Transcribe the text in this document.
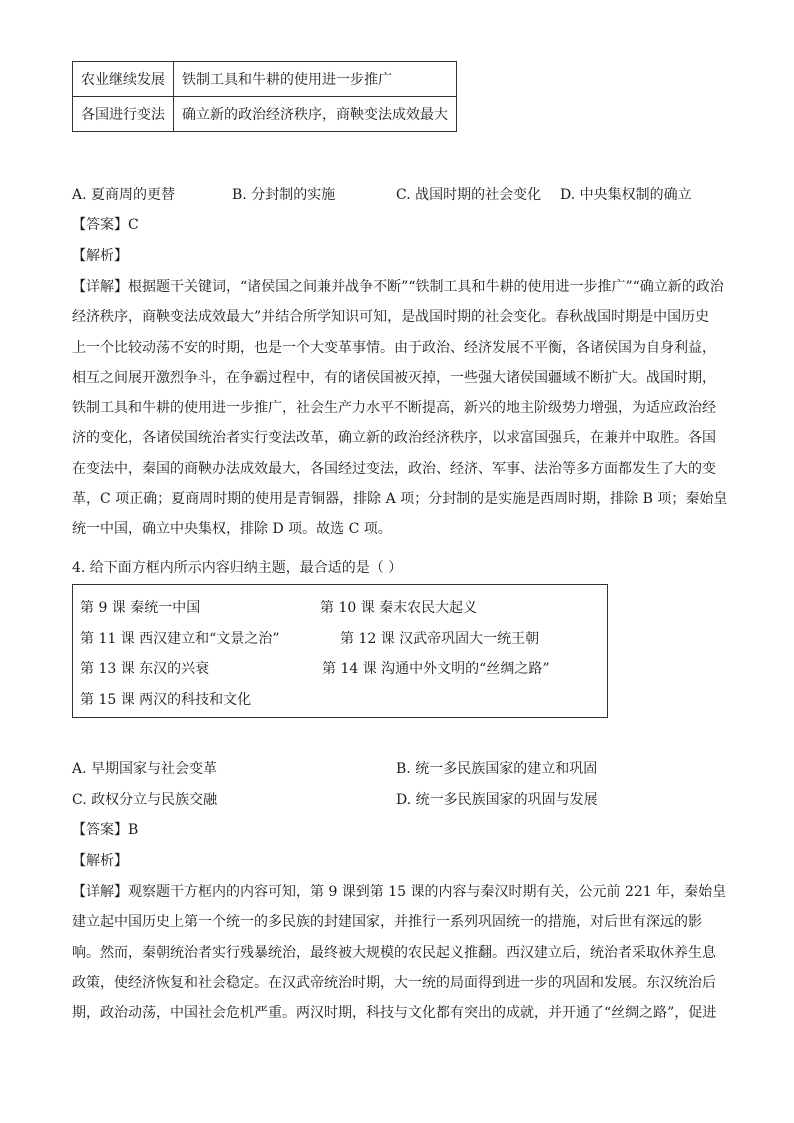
农业继续发展	铁制工具和牛耕的使用进一步推广
各国进行变法	确立新的政治经济秩序，商鞅变法成效最大
A. 夏商周的更替	B. 分封制的实施	C. 战国时期的社会变化 D. 中央集权制的确立
【答案】C
【解析】
【详解】根据题干关键词，“诸侯国之间兼并战争不断”“铁制工具和牛耕的使用进一步推广”“确立新的政治
经济秩序，商鞅变法成效最大”并结合所学知识可知，是战国时期的社会变化。春秋战国时期是中国历史
上一个比较动荡不安的时期，也是一个大变革事情。由于政治、经济发展不平衡，各诸侯国为自身利益，
相互之间展开激烈争斗，在争霸过程中，有的诸侯国被灭掉，一些强大诸侯国疆域不断扩大。战国时期，
铁制工具和牛耕的使用进一步推广，社会生产力水平不断提高，新兴的地主阶级势力增强，为适应政治经
济的变化，各诸侯国统治者实行变法改革，确立新的政治经济秩序，以求富国强兵，在兼并中取胜。各国
在变法中，秦国的商鞅办法成效最大，各国经过变法，政治、经济、军事、法治等多方面都发生了大的变
革，C 项正确；夏商周时期的使用是青铜器，排除 A 项；分封制的是实施是西周时期，排除 B 项；秦始皇
统一中国，确立中央集权，排除 D 项。故选 C 项。
4. 给下面方框内所示内容归纳主题，最合适的是（ ）
第 9 课 秦统一中国	第 10 课 秦末农民大起义
第 11 课 西汉建立和“文景之治”	第 12 课 汉武帝巩固大一统王朝
第 13 课 东汉的兴衰	第 14 课 沟通中外文明的“丝绸之路”
第 15 课 两汉的科技和文化
A. 早期国家与社会变革	B. 统一多民族国家的建立和巩固
C. 政权分立与民族交融	D. 统一多民族国家的巩固与发展
【答案】B
【解析】
【详解】观察题干方框内的内容可知，第 9 课到第 15 课的内容与秦汉时期有关，公元前 221 年，秦始皇
建立起中国历史上第一个统一的多民族的封建国家，并推行一系列巩固统一的措施，对后世有深远的影
响。然而，秦朝统治者实行残暴统治，最终被大规模的农民起义推翻。西汉建立后，统治者采取休养生息
政策，使经济恢复和社会稳定。在汉武帝统治时期，大一统的局面得到进一步的巩固和发展。东汉统治后
期，政治动荡，中国社会危机严重。两汉时期，科技与文化都有突出的成就，并开通了“丝绸之路”，促进
